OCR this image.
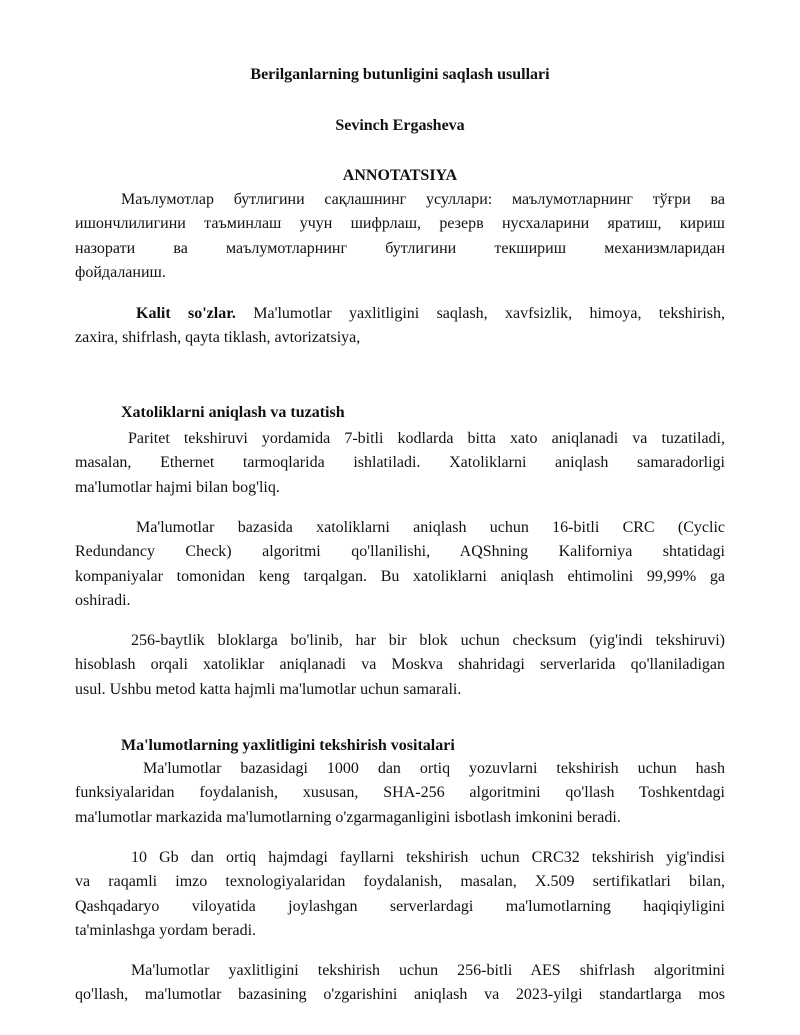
Berilganlarning butunligini saqlash usullari
Sevinch Ergasheva
ANNOTATSIYA
Маълумотлар бутлигини сақлашнинг усуллари: маълумотларнинг тўғри ва
ишончлилигини таъминлаш учун шифрлаш, резерв нусхаларини яратиш, кириш
назорати ва маълумотларнинг бутлигини текшириш механизмларидан
фойдаланиш.
Kalit so'zlar. Ma'lumotlar yaxlitligini saqlash, xavfsizlik, himoya, tekshirish,
zaxira, shifrlash, qayta tiklash, avtorizatsiya,
Xatoliklarni aniqlash va tuzatish
Paritet tekshiruvi yordamida 7-bitli kodlarda bitta xato aniqlanadi va tuzatiladi,
masalan, Ethernet tarmoqlarida ishlatiladi. Xatoliklarni aniqlash samaradorligi
ma'lumotlar hajmi bilan bog'liq.
Ma'lumotlar bazasida xatoliklarni aniqlash uchun 16-bitli CRC (Cyclic
Redundancy Check) algoritmi qo'llanilishi, AQShning Kaliforniya shtatidagi
kompaniyalar tomonidan keng tarqalgan. Bu xatoliklarni aniqlash ehtimolini 99,99% ga
oshiradi.
256-baytlik bloklarga bo'linib, har bir blok uchun checksum (yig'indi tekshiruvi)
hisoblash orqali xatoliklar aniqlanadi va Moskva shahridagi serverlarida qo'llaniladigan
usul. Ushbu metod katta hajmli ma'lumotlar uchun samarali.
Ma'lumotlarning yaxlitligini tekshirish vositalari
Ma'lumotlar bazasidagi 1000 dan ortiq yozuvlarni tekshirish uchun hash
funksiyalaridan foydalanish, xususan, SHA-256 algoritmini qo'llash Toshkentdagi
ma'lumotlar markazida ma'lumotlarning o'zgarmaganligini isbotlash imkonini beradi.
10 Gb dan ortiq hajmdagi fayllarni tekshirish uchun CRC32 tekshirish yig'indisi
va raqamli imzo texnologiyalaridan foydalanish, masalan, X.509 sertifikatlari bilan,
Qashqadaryo viloyatida joylashgan serverlardagi ma'lumotlarning haqiqiyligini
ta'minlashga yordam beradi.
Ma'lumotlar yaxlitligini tekshirish uchun 256-bitli AES shifrlash algoritmini
qo'llash, ma'lumotlar bazasining o'zgarishini aniqlash va 2023-yilgi standartlarga mos
